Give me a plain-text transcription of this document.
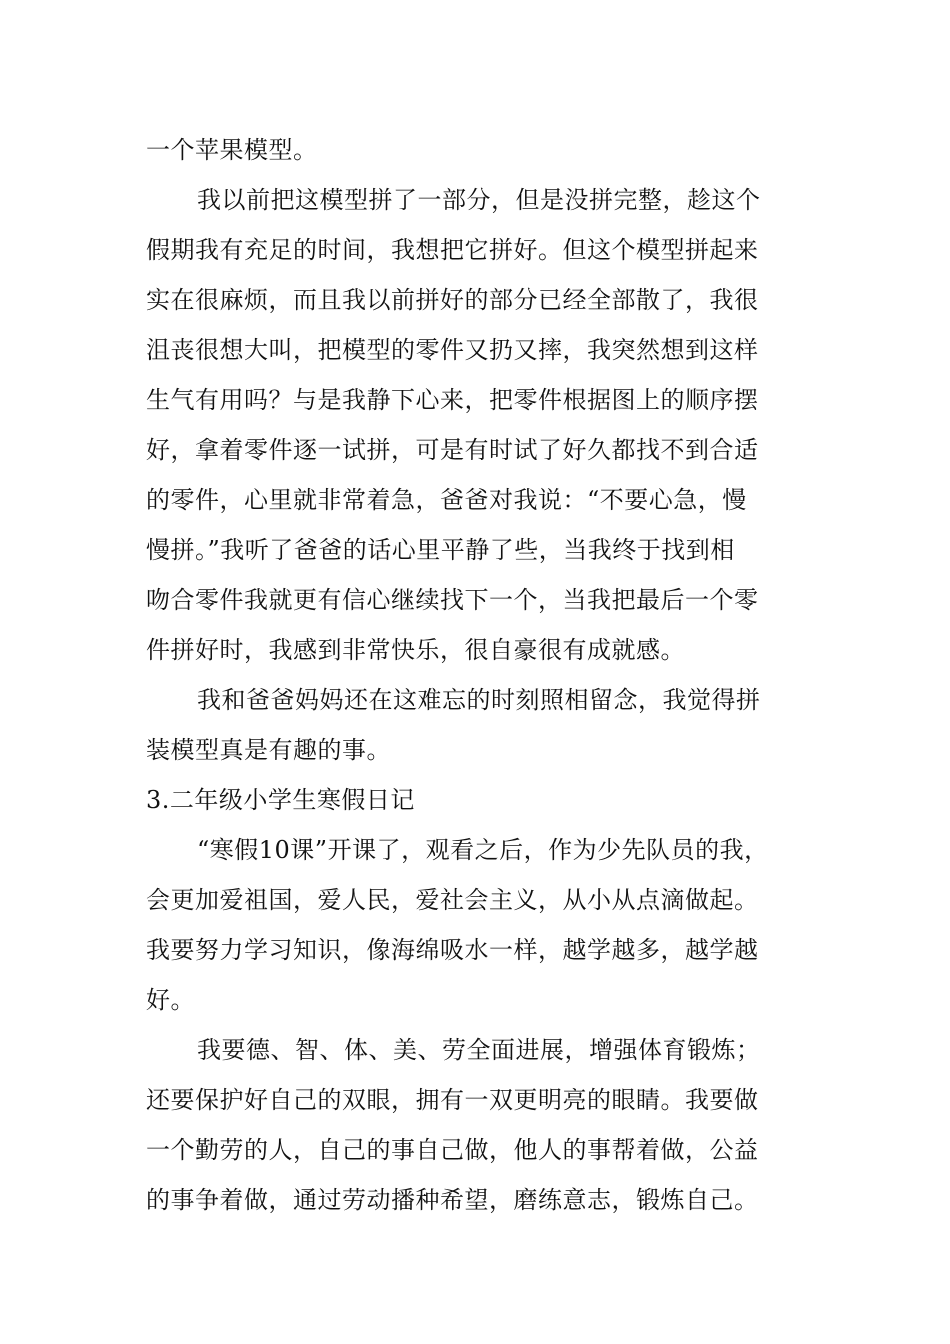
一个苹果模型。
我以前把这模型拼了一部分，但是没拼完整，趁这个
假期我有充足的时间，我想把它拼好。但这个模型拼起来
实在很麻烦，而且我以前拼好的部分已经全部散了，我很
沮丧很想大叫，把模型的零件又扔又摔，我突然想到这样
生气有用吗？与是我静下心来，把零件根据图上的顺序摆
好，拿着零件逐一试拼，可是有时试了好久都找不到合适
的零件，心里就非常着急，爸爸对我说：“不要心急，慢
慢拼。”我听了爸爸的话心里平静了些，当我终于找到相
吻合零件我就更有信心继续找下一个，当我把最后一个零
件拼好时，我感到非常快乐，很自豪很有成就感。
我和爸爸妈妈还在这难忘的时刻照相留念，我觉得拼
装模型真是有趣的事。
3.二年级小学生寒假日记
“寒假10课”开课了，观看之后，作为少先队员的我，
会更加爱祖国，爱人民，爱社会主义，从小从点滴做起。
我要努力学习知识，像海绵吸水一样，越学越多，越学越
好。
我要德、智、体、美、劳全面进展，增强体育锻炼；
还要保护好自己的双眼，拥有一双更明亮的眼睛。我要做
一个勤劳的人，自己的事自己做，他人的事帮着做，公益
的事争着做，通过劳动播种希望，磨练意志，锻炼自己。
